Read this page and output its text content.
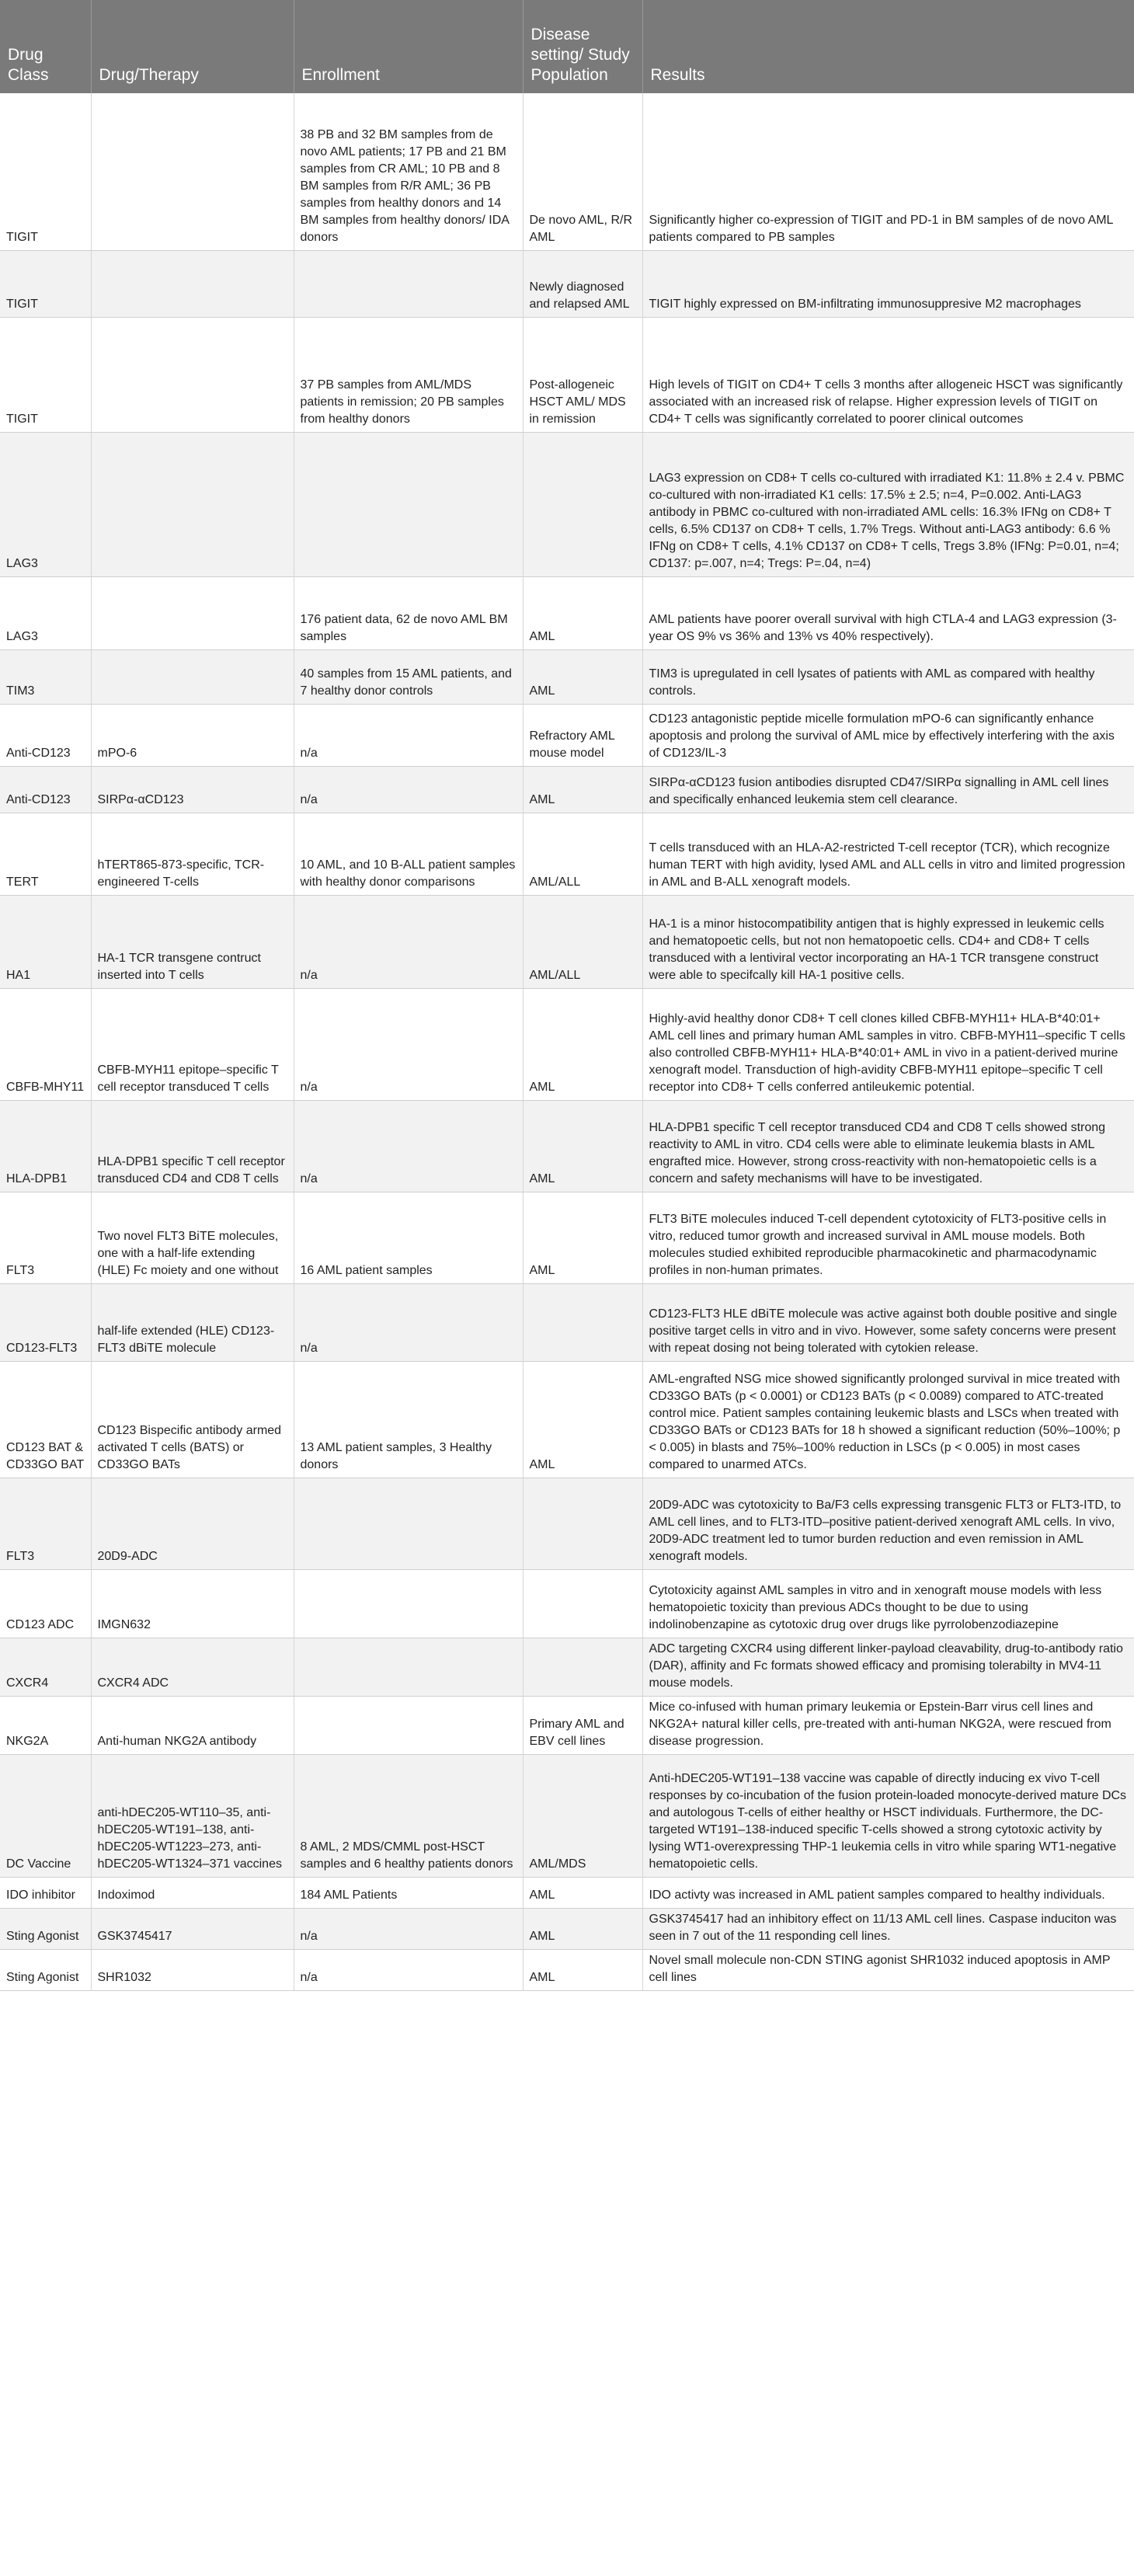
Drug Class	Drug/Therapy	Enrollment	Disease setting/ Study Population	Results
TIGIT		38 PB and 32 BM samples from de novo AML patients; 17 PB and 21 BM samples from CR AML; 10 PB and 8 BM samples from R/R AML; 36 PB samples from healthy donors and 14 BM samples from healthy donors/ IDA donors	De novo AML, R/R AML	Significantly higher co-expression of TIGIT and PD-1 in BM samples of de novo AML patients compared to PB samples
TIGIT			Newly diagnosed and relapsed AML	TIGIT highly expressed on BM-infiltrating immunosuppresive M2 macrophages
TIGIT		37 PB samples from AML/MDS patients in remission; 20 PB samples from healthy donors	Post-allogeneic HSCT AML/ MDS in remission	High levels of TIGIT on CD4+ T cells 3 months after allogeneic HSCT was significantly associated with an increased risk of relapse. Higher expression levels of TIGIT on CD4+ T cells was significantly correlated to poorer clinical outcomes
LAG3				LAG3 expression on CD8+ T cells co-cultured with irradiated K1: 11.8% ± 2.4 v. PBMC co-cultured with non-irradiated K1 cells: 17.5% ± 2.5; n=4, P=0.002. Anti-LAG3 antibody in PBMC co-cultured with non-irradiated AML cells: 16.3% IFNg on CD8+ T cells, 6.5% CD137 on CD8+ T cells, 1.7% Tregs. Without anti-LAG3 antibody: 6.6 % IFNg on CD8+ T cells, 4.1% CD137 on CD8+ T cells, Tregs 3.8% (IFNg: P=0.01, n=4; CD137: p=.007, n=4; Tregs: P=.04, n=4)
LAG3		176 patient data, 62 de novo AML BM samples	AML	AML patients have poorer overall survival with high CTLA-4 and LAG3 expression (3-year OS 9% vs 36% and 13% vs 40% respectively).
TIM3		40 samples from 15 AML patients, and 7 healthy donor controls	AML	TIM3 is upregulated in cell lysates of patients with AML as compared with healthy controls.
Anti-CD123	mPO-6	n/a	Refractory AML mouse model	CD123 antagonistic peptide micelle formulation mPO-6 can significantly enhance apoptosis and prolong the survival of AML mice by effectively interfering with the axis of CD123/IL-3
Anti-CD123	SIRPα-αCD123	n/a	AML	SIRPα-αCD123 fusion antibodies disrupted CD47/SIRPα signalling in AML cell lines and specifically enhanced leukemia stem cell clearance.
TERT	hTERT865-873-specific, TCR-engineered T-cells	10 AML, and 10 B-ALL patient samples with healthy donor comparisons	AML/ALL	T cells transduced with an HLA-A2-restricted T-cell receptor (TCR), which recognize human TERT with high avidity, lysed AML and ALL cells in vitro and limited progression in AML and B-ALL xenograft models.
HA1	HA-1 TCR transgene contruct inserted into T cells	n/a	AML/ALL	HA-1 is a minor histocompatibility antigen that is highly expressed in leukemic cells and hematopoetic cells, but not non hematopoetic cells. CD4+ and CD8+ T cells transduced with a lentiviral vector incorporating an HA-1 TCR transgene construct were able to specifcally kill HA-1 positive cells.
CBFB-MHY11	CBFB-MYH11 epitope–specific T cell receptor transduced T cells	n/a	AML	Highly-avid healthy donor CD8+ T cell clones killed CBFB-MYH11+ HLA-B*40:01+ AML cell lines and primary human AML samples in vitro. CBFB-MYH11–specific T cells also controlled CBFB-MYH11+ HLA-B*40:01+ AML in vivo in a patient-derived murine xenograft model. Transduction of high-avidity CBFB-MYH11 epitope–specific T cell receptor into CD8+ T cells conferred antileukemic potential.
HLA-DPB1	HLA-DPB1 specific T cell receptor transduced CD4 and CD8 T cells	n/a	AML	HLA-DPB1 specific T cell receptor transduced CD4 and CD8 T cells showed strong reactivity to AML in vitro. CD4 cells were able to eliminate leukemia blasts in AML engrafted mice. However, strong cross-reactivity with non-hematopoietic cells is a concern and safety mechanisms will have to be investigated.
FLT3	Two novel FLT3 BiTE molecules, one with a half-life extending (HLE) Fc moiety and one without	16 AML patient samples	AML	FLT3 BiTE molecules induced T-cell dependent cytotoxicity of FLT3-positive cells in vitro, reduced tumor growth and increased survival in AML mouse models. Both molecules studied exhibited reproducible pharmacokinetic and pharmacodynamic profiles in non-human primates.
CD123-FLT3	half-life extended (HLE) CD123-FLT3 dBiTE molecule	n/a		CD123-FLT3 HLE dBiTE molecule was active against both double positive and single positive target cells in vitro and in vivo. However, some safety concerns were present with repeat dosing not being tolerated with cytokien release.
CD123 BAT & CD33GO BAT	CD123 Bispecific antibody armed activated T cells (BATS) or CD33GO BATs	13 AML patient samples, 3 Healthy donors	AML	AML-engrafted NSG mice showed significantly prolonged survival in mice treated with CD33GO BATs (p < 0.0001) or CD123 BATs (p < 0.0089) compared to ATC-treated control mice. Patient samples containing leukemic blasts and LSCs when treated with CD33GO BATs or CD123 BATs for 18 h showed a significant reduction (50%–100%; p < 0.005) in blasts and 75%–100% reduction in LSCs (p < 0.005) in most cases compared to unarmed ATCs.
FLT3	20D9-ADC			20D9-ADC was cytotoxicity to Ba/F3 cells expressing transgenic FLT3 or FLT3-ITD, to AML cell lines, and to FLT3-ITD–positive patient-derived xenograft AML cells. In vivo, 20D9-ADC treatment led to tumor burden reduction and even remission in AML xenograft models.
CD123 ADC	IMGN632			Cytotoxicity against AML samples in vitro and in xenograft mouse models with less hematopoietic toxicity than previous ADCs thought to be due to using indolinobenzapine as cytotoxic drug over drugs like pyrrolobenzodiazepine
CXCR4	CXCR4 ADC			ADC targeting CXCR4 using different linker-payload cleavability, drug-to-antibody ratio (DAR), affinity and Fc formats showed efficacy and promising tolerabilty in MV4-11 mouse models.
NKG2A	Anti-human NKG2A antibody		Primary AML and EBV cell lines	Mice co-infused with human primary leukemia or Epstein-Barr virus cell lines and NKG2A+ natural killer cells, pre-treated with anti-human NKG2A, were rescued from disease progression.
DC Vaccine	anti-hDEC205-WT110–35, anti-hDEC205-WT191–138, anti-hDEC205-WT1223–273, anti-hDEC205-WT1324–371 vaccines	8 AML, 2 MDS/CMML post-HSCT samples and 6 healthy patients donors	AML/MDS	Anti-hDEC205-WT191–138 vaccine was capable of directly inducing ex vivo T-cell responses by co-incubation of the fusion protein-loaded monocyte-derived mature DCs and autologous T-cells of either healthy or HSCT individuals. Furthermore, the DC-targeted WT191–138-induced specific T-cells showed a strong cytotoxic activity by lysing WT1-overexpressing THP-1 leukemia cells in vitro while sparing WT1-negative hematopoietic cells.
IDO inhibitor	Indoximod	184 AML Patients	AML	IDO activty was increased in AML patient samples compared to healthy individuals.
Sting Agonist	GSK3745417	n/a	AML	GSK3745417 had an inhibitory effect on 11/13 AML cell lines. Caspase induciton was seen in 7 out of the 11 responding cell lines.
Sting Agonist	SHR1032	n/a	AML	Novel small molecule non-CDN STING agonist SHR1032 induced apoptosis in AMP cell lines
